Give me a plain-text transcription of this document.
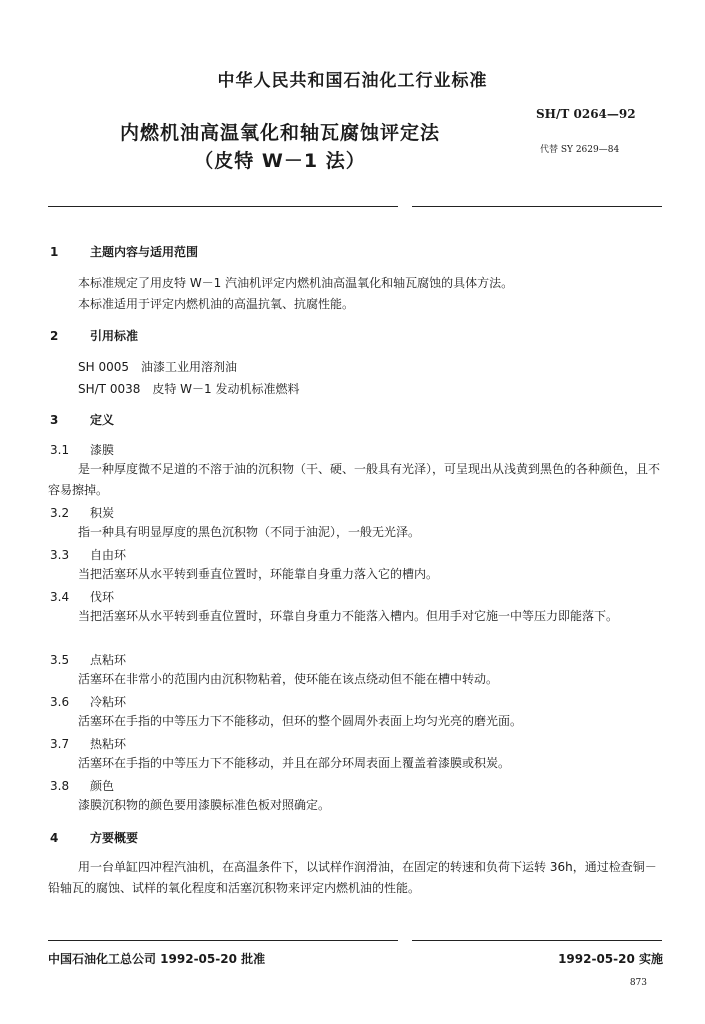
中华人民共和国石油化工行业标准
内燃机油高温氧化和轴瓦腐蚀评定法
（皮特 W－1 法）
SH/T 0264—92
代替 SY 2629—84
1	主题内容与适用范围
本标准规定了用皮特 W－1 汽油机评定内燃机油高温氧化和轴瓦腐蚀的具体方法。
本标准适用于评定内燃机油的高温抗氧、抗腐性能。
2	引用标准
SH 0005　油漆工业用溶剂油
SH/T 0038　皮特 W－1 发动机标准燃料
3	定义
3.1 漆膜
是一种厚度微不足道的不溶于油的沉积物（干、硬、一般具有光泽），可呈现出从浅黄到黑色的各种颜色，且不容易擦掉。
3.2 积炭
指一种具有明显厚度的黑色沉积物（不同于油泥），一般无光泽。
3.3 自由环
当把活塞环从水平转到垂直位置时，环能靠自身重力落入它的槽内。
3.4 伐环
当把活塞环从水平转到垂直位置时，环靠自身重力不能落入槽内。但用手对它施一中等压力即能落下。
3.5 点粘环
活塞环在非常小的范围内由沉积物粘着，使环能在该点绕动但不能在槽中转动。
3.6 冷粘环
活塞环在手指的中等压力下不能移动，但环的整个圆周外表面上均匀光亮的磨光面。
3.7 热粘环
活塞环在手指的中等压力下不能移动，并且在部分环周表面上覆盖着漆膜或积炭。
3.8 颜色
漆膜沉积物的颜色要用漆膜标准色板对照确定。
4	方要概要
用一台单缸四冲程汽油机，在高温条件下，以试样作润滑油，在固定的转速和负荷下运转 36h，通过检查铜－铅轴瓦的腐蚀、试样的氧化程度和活塞沉积物来评定内燃机油的性能。
中国石油化工总公司 1992-05-20 批准	1992-05-20 实施
873
